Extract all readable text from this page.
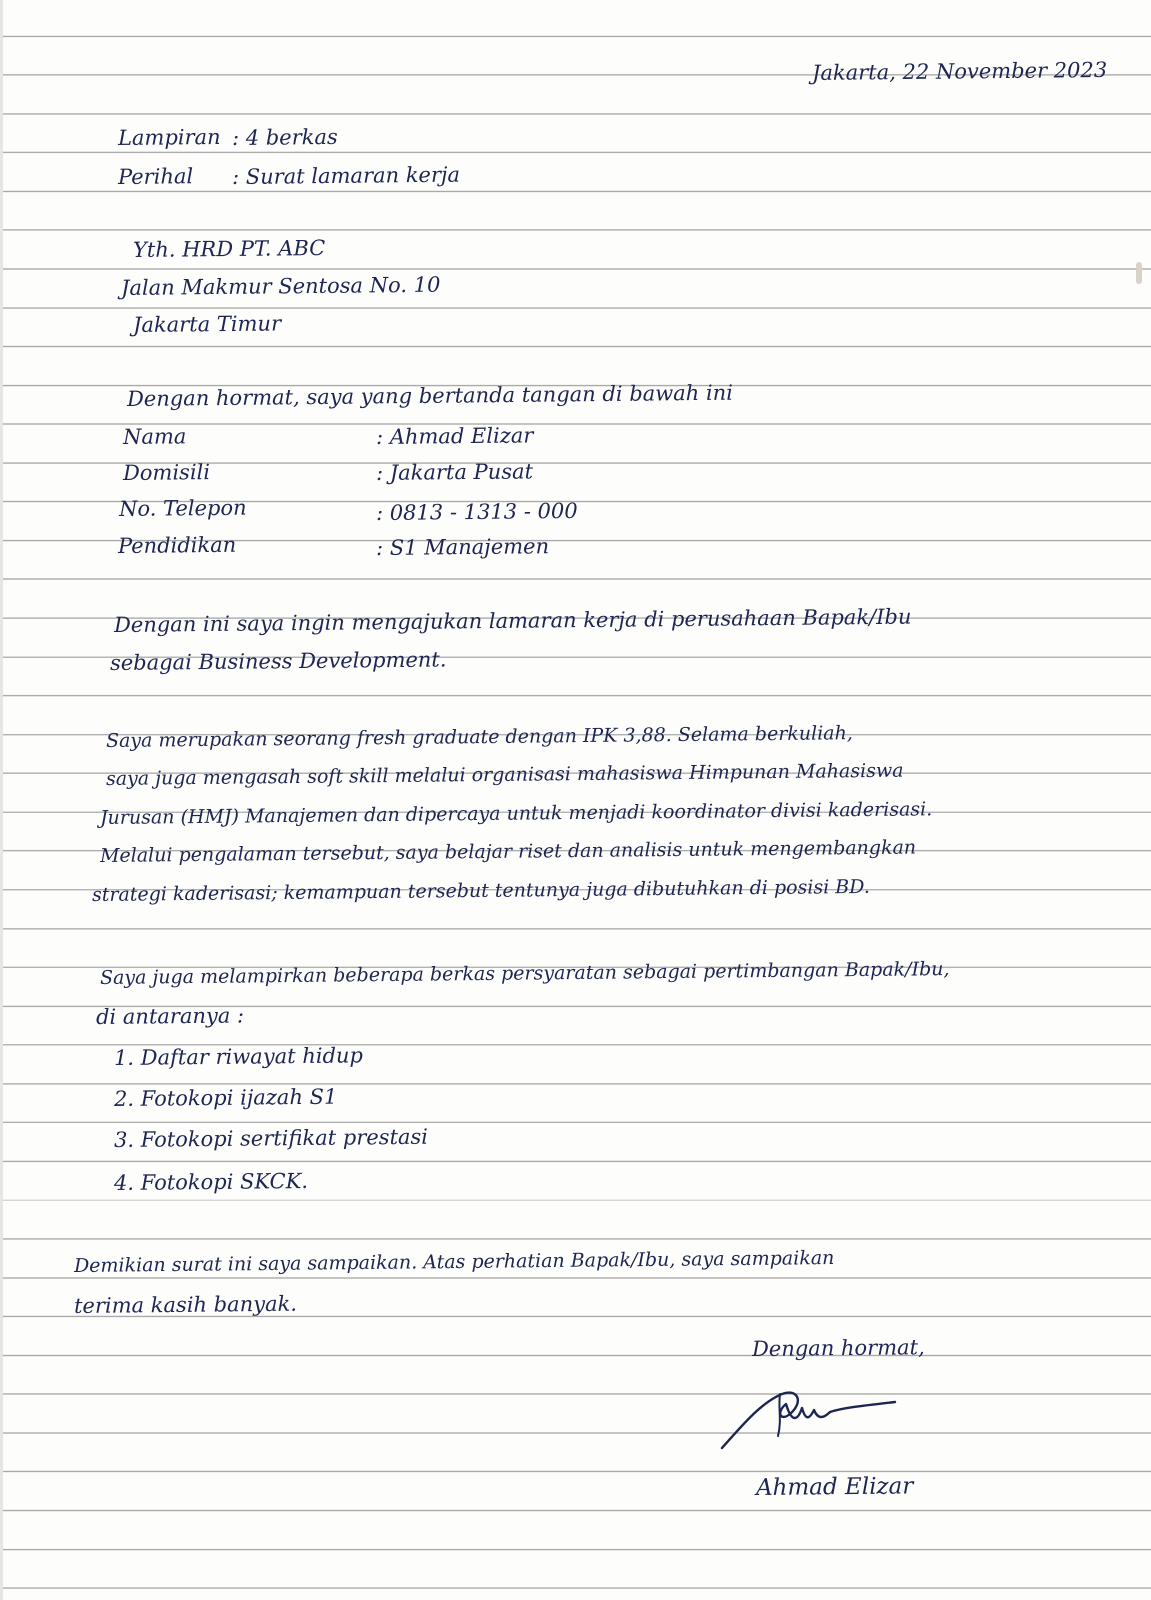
Jakarta, 22 November 2023
Lampiran : 4 berkas
Perihal : Surat lamaran kerja
Yth. HRD PT. ABC
Jalan Makmur Sentosa No. 10
Jakarta Timur
Dengan hormat, saya yang bertanda tangan di bawah ini
Nama	: Ahmad Elizar
Domisili	: Jakarta Pusat
No. Telepon	: 0813 - 1313 - 000
Pendidikan	: S1 Manajemen
Dengan ini saya ingin mengajukan lamaran kerja di perusahaan Bapak/Ibu
sebagai Business Development.
Saya merupakan seorang fresh graduate dengan IPK 3,88. Selama berkuliah,
saya juga mengasah soft skill melalui organisasi mahasiswa Himpunan Mahasiswa
Jurusan (HMJ) Manajemen dan dipercaya untuk menjadi koordinator divisi kaderisasi.
Melalui pengalaman tersebut, saya belajar riset dan analisis untuk mengembangkan
strategi kaderisasi; kemampuan tersebut tentunya juga dibutuhkan di posisi BD.
Saya juga melampirkan beberapa berkas persyaratan sebagai pertimbangan Bapak/Ibu,
di antaranya :
1. Daftar riwayat hidup
2. Fotokopi ijazah S1
3. Fotokopi sertifikat prestasi
4. Fotokopi SKCK.
Demikian surat ini saya sampaikan. Atas perhatian Bapak/Ibu, saya sampaikan
terima kasih banyak.
Dengan hormat,
Ahmad Elizar
